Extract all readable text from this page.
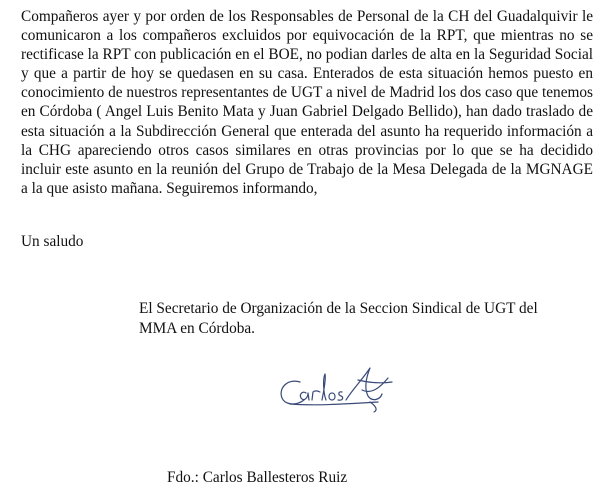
Compañeros ayer y por orden de los Responsables de Personal de la CH del Guadalquivir le comunicaron a los compañeros excluidos por equivocación de la RPT, que mientras no se rectificase la RPT con publicación en el BOE, no podian darles de alta en la Seguridad Social y que a partir de hoy se quedasen en su casa. Enterados de esta situación hemos puesto en conocimiento de nuestros representantes de UGT a nivel de Madrid los dos caso que tenemos en Córdoba ( Angel Luis Benito Mata y Juan Gabriel Delgado Bellido), han dado traslado de esta situación a la Subdirección General que enterada del asunto ha requerido información a la CHG apareciendo otros casos similares en otras provincias por lo que se ha decidido incluir este asunto en la reunión del Grupo de Trabajo de la Mesa Delegada de la MGNAGE a la que asisto mañana. Seguiremos informando,

Un saludo

El Secretario de Organización de la Seccion Sindical de UGT del
MMA en Córdoba.

Fdo.: Carlos Ballesteros Ruiz
